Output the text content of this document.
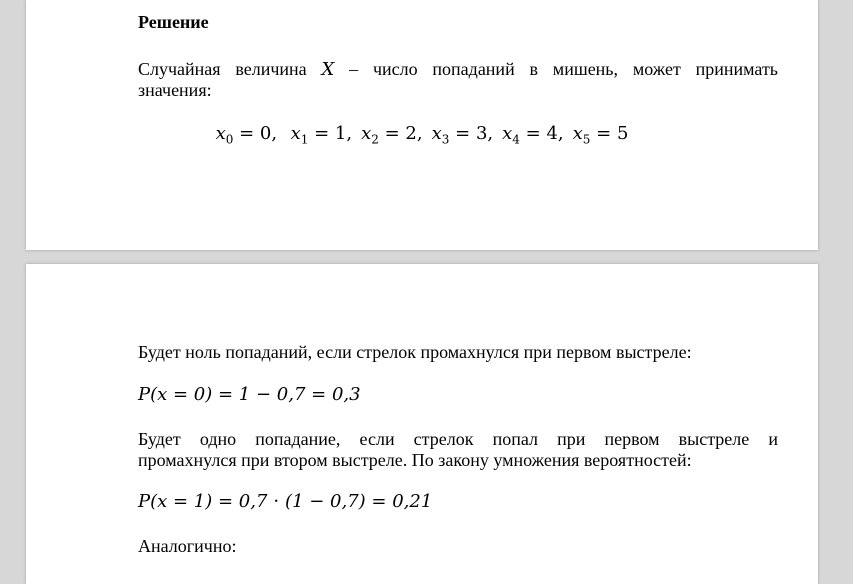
Решение
Случайная величина X – число попаданий в мишень, может принимать
значения:
$x_0 = 0$, $x_1 = 1$, $x_2 = 2$, $x_3 = 3$, $x_4 = 4$, $x_5 = 5$
Будет ноль попаданий, если стрелок промахнулся при первом выстреле:
P(x = 0) = 1 − 0,7 = 0,3
Будет одно попадание, если стрелок попал при первом выстреле и
промахнулся при втором выстреле. По закону умножения вероятностей:
P(x = 1) = 0,7 ⋅ (1 − 0,7) = 0,21
Аналогично:
